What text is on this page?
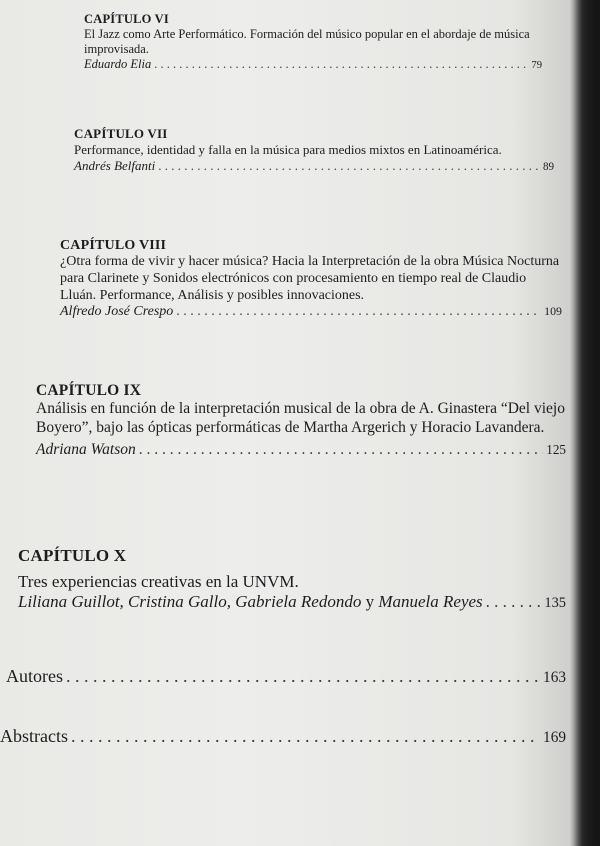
CAPÍTULO VI
El Jazz como Arte Performático. Formación del músico popular en el abordaje de música improvisada.
Eduardo Elia . . .	79
CAPÍTULO VII
Performance, identidad y falla en la música para medios mixtos en Latinoamérica.
Andrés Belfanti . . .	89
CAPÍTULO VIII
¿Otra forma de vivir y hacer música? Hacia la Interpretación de la obra Música Nocturna para Clarinete y Sonidos electrónicos con procesamiento en tiempo real de Claudio Lluán. Performance, Análisis y posibles innovaciones.
Alfredo José Crespo . . .	109
CAPÍTULO IX
Análisis en función de la interpretación musical de la obra de A. Ginastera “Del viejo Boyero”, bajo las ópticas performáticas de Martha Argerich y Horacio Lavandera.
Adriana Watson . . .	125
CAPÍTULO X
Tres experiencias creativas en la UNVM.
Liliana Guillot, Cristina Gallo, Gabriela Redondo y Manuela Reyes . . .	135
Autores . . .	163
Abstracts . . .	169
